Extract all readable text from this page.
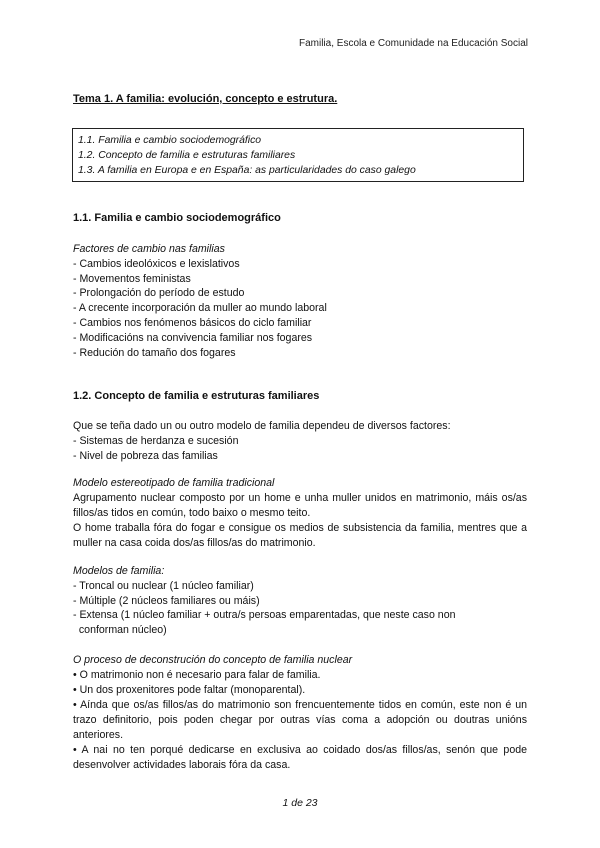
Familia, Escola e Comunidade na Educación Social
Tema 1. A familia: evolución, concepto e estrutura.
1.1. Familia e cambio sociodemográfico
1.2. Concepto de familia e estruturas familiares
1.3. A familia en Europa e en España: as particularidades do caso galego
1.1. Familia e cambio sociodemográfico
Factores de cambio nas familias
- Cambios ideolóxicos e lexislativos
- Movementos feministas
- Prolongación do período de estudo
- A crecente incorporación da muller ao mundo laboral
- Cambios nos fenómenos básicos do ciclo familiar
- Modificacións na convivencia familiar nos fogares
- Redución do tamaño dos fogares
1.2. Concepto de familia e estruturas familiares
Que se teña dado un ou outro modelo de familia dependeu de diversos factores:
- Sistemas de herdanza e sucesión
- Nivel de pobreza das familias
Modelo estereotipado de familia tradicional
Agrupamento nuclear composto por un home e unha muller unidos en matrimonio, máis os/as fillos/as tidos en común, todo baixo o mesmo teito.
O home traballa fóra do fogar e consigue os medios de subsistencia da familia, mentres que a muller na casa coida dos/as fillos/as do matrimonio.
Modelos de familia:
- Troncal ou nuclear (1 núcleo familiar)
- Múltiple (2 núcleos familiares ou máis)
- Extensa (1 núcleo familiar + outra/s persoas emparentadas, que neste caso non
conforman núcleo)
O proceso de deconstrución do concepto de familia nuclear
• O matrimonio non é necesario para falar de familia.
• Un dos proxenitores pode faltar (monoparental).
• Aínda que os/as fillos/as do matrimonio son frencuentemente tidos en común, este non é un trazo definitorio, pois poden chegar por outras vías coma a adopción ou doutras unións anteriores.
• A nai no ten porqué dedicarse en exclusiva ao coidado dos/as fillos/as, senón que pode desenvolver actividades laborais fóra da casa.
1 de 23
